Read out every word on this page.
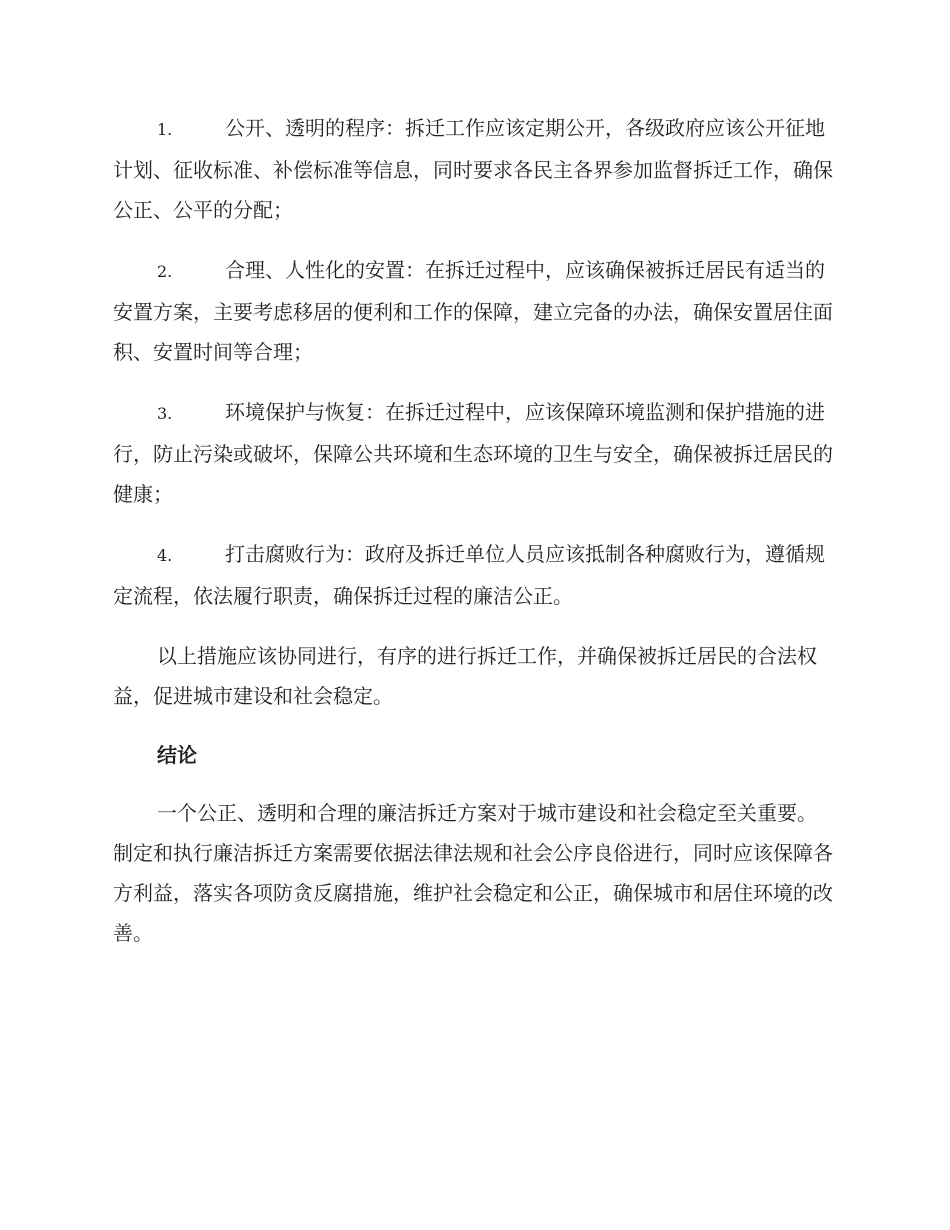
1.	公开、透明的程序：拆迁工作应该定期公开，各级政府应该公开征地计划、征收标准、补偿标准等信息，同时要求各民主各界参加监督拆迁工作，确保公正、公平的分配；

2.	合理、人性化的安置：在拆迁过程中，应该确保被拆迁居民有适当的安置方案，主要考虑移居的便利和工作的保障，建立完备的办法，确保安置居住面积、安置时间等合理；

3.	环境保护与恢复：在拆迁过程中，应该保障环境监测和保护措施的进行，防止污染或破坏，保障公共环境和生态环境的卫生与安全，确保被拆迁居民的健康；

4.	打击腐败行为：政府及拆迁单位人员应该抵制各种腐败行为，遵循规定流程，依法履行职责，确保拆迁过程的廉洁公正。

以上措施应该协同进行，有序的进行拆迁工作，并确保被拆迁居民的合法权益，促进城市建设和社会稳定。

结论

一个公正、透明和合理的廉洁拆迁方案对于城市建设和社会稳定至关重要。制定和执行廉洁拆迁方案需要依据法律法规和社会公序良俗进行，同时应该保障各方利益，落实各项防贪反腐措施，维护社会稳定和公正，确保城市和居住环境的改善。
